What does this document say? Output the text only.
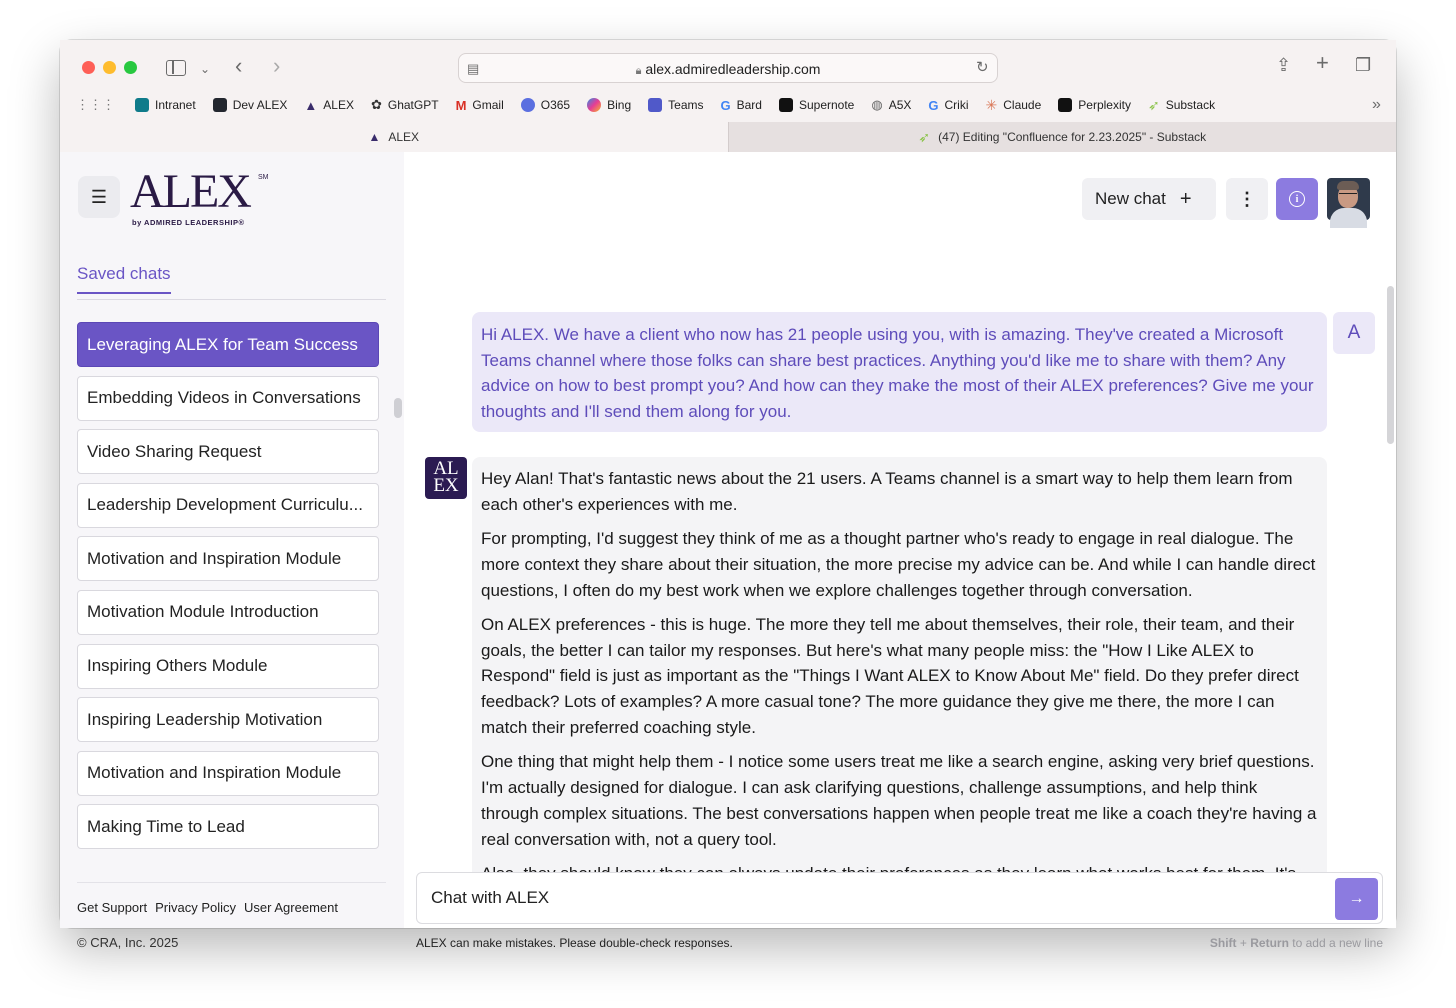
⌄ ‹ ›	▤	🔒︎ alex.admiredleadership.com	↻	⇪ + ❐
⋮⋮⋮	Intranet	Dev ALEX ▲ ALEX ✿ GhatGPT M Gmail	O365	Bing	Teams G Bard	Supernote ◍ A5X G Criki ✳ Claude	Perplexity ➶ Substack	»
▲ ALEX	➶ (47) Editing "Confluence for 2.23.2025" - Substack
☰ ALEX	SM
by ADMIRED LEADERSHIP®
Saved chats
Leveraging ALEX for Team Success
Embedding Videos in Conversations
Video Sharing Request
Leadership Development Curriculu...
Motivation and Inspiration Module
Motivation Module Introduction
Inspiring Others Module
Inspiring Leadership Motivation
Motivation and Inspiration Module
Making Time to Lead
Get Support Privacy Policy User Agreement
© CRA, Inc. 2025
New chat +	⋮	i
Hi ALEX. We have a client who now has 21 people using you, with is amazing. They've created a Microsoft Teams channel where those folks can share best practices. Anything you'd like me to share with them? Any advice on how to best prompt you? And how can they make the most of their ALEX preferences? Give me your thoughts and I'll send them along for you.
A
AL
EX	Hey Alan! That's fantastic news about the 21 users. A Teams channel is a smart way to help them learn from each other's experiences with me.

For prompting, I'd suggest they think of me as a thought partner who's ready to engage in real dialogue. The more context they share about their situation, the more precise my advice can be. And while I can handle direct questions, I often do my best work when we explore challenges together through conversation.

On ALEX preferences - this is huge. The more they tell me about themselves, their role, their team, and their goals, the better I can tailor my responses. But here's what many people miss: the "How I Like ALEX to Respond" field is just as important as the "Things I Want ALEX to Know About Me" field. Do they prefer direct feedback? Lots of examples? A more casual tone? The more guidance they give me there, the more I can match their preferred coaching style.

One thing that might help them - I notice some users treat me like a search engine, asking very brief questions. I'm actually designed for dialogue. I can ask clarifying questions, challenge assumptions, and help think through complex situations. The best conversations happen when people treat me like a coach they're having a real conversation with, not a query tool.

Chat with ALEX	→
ALEX can make mistakes. Please double-check responses.	Shift + Return to add a new line
